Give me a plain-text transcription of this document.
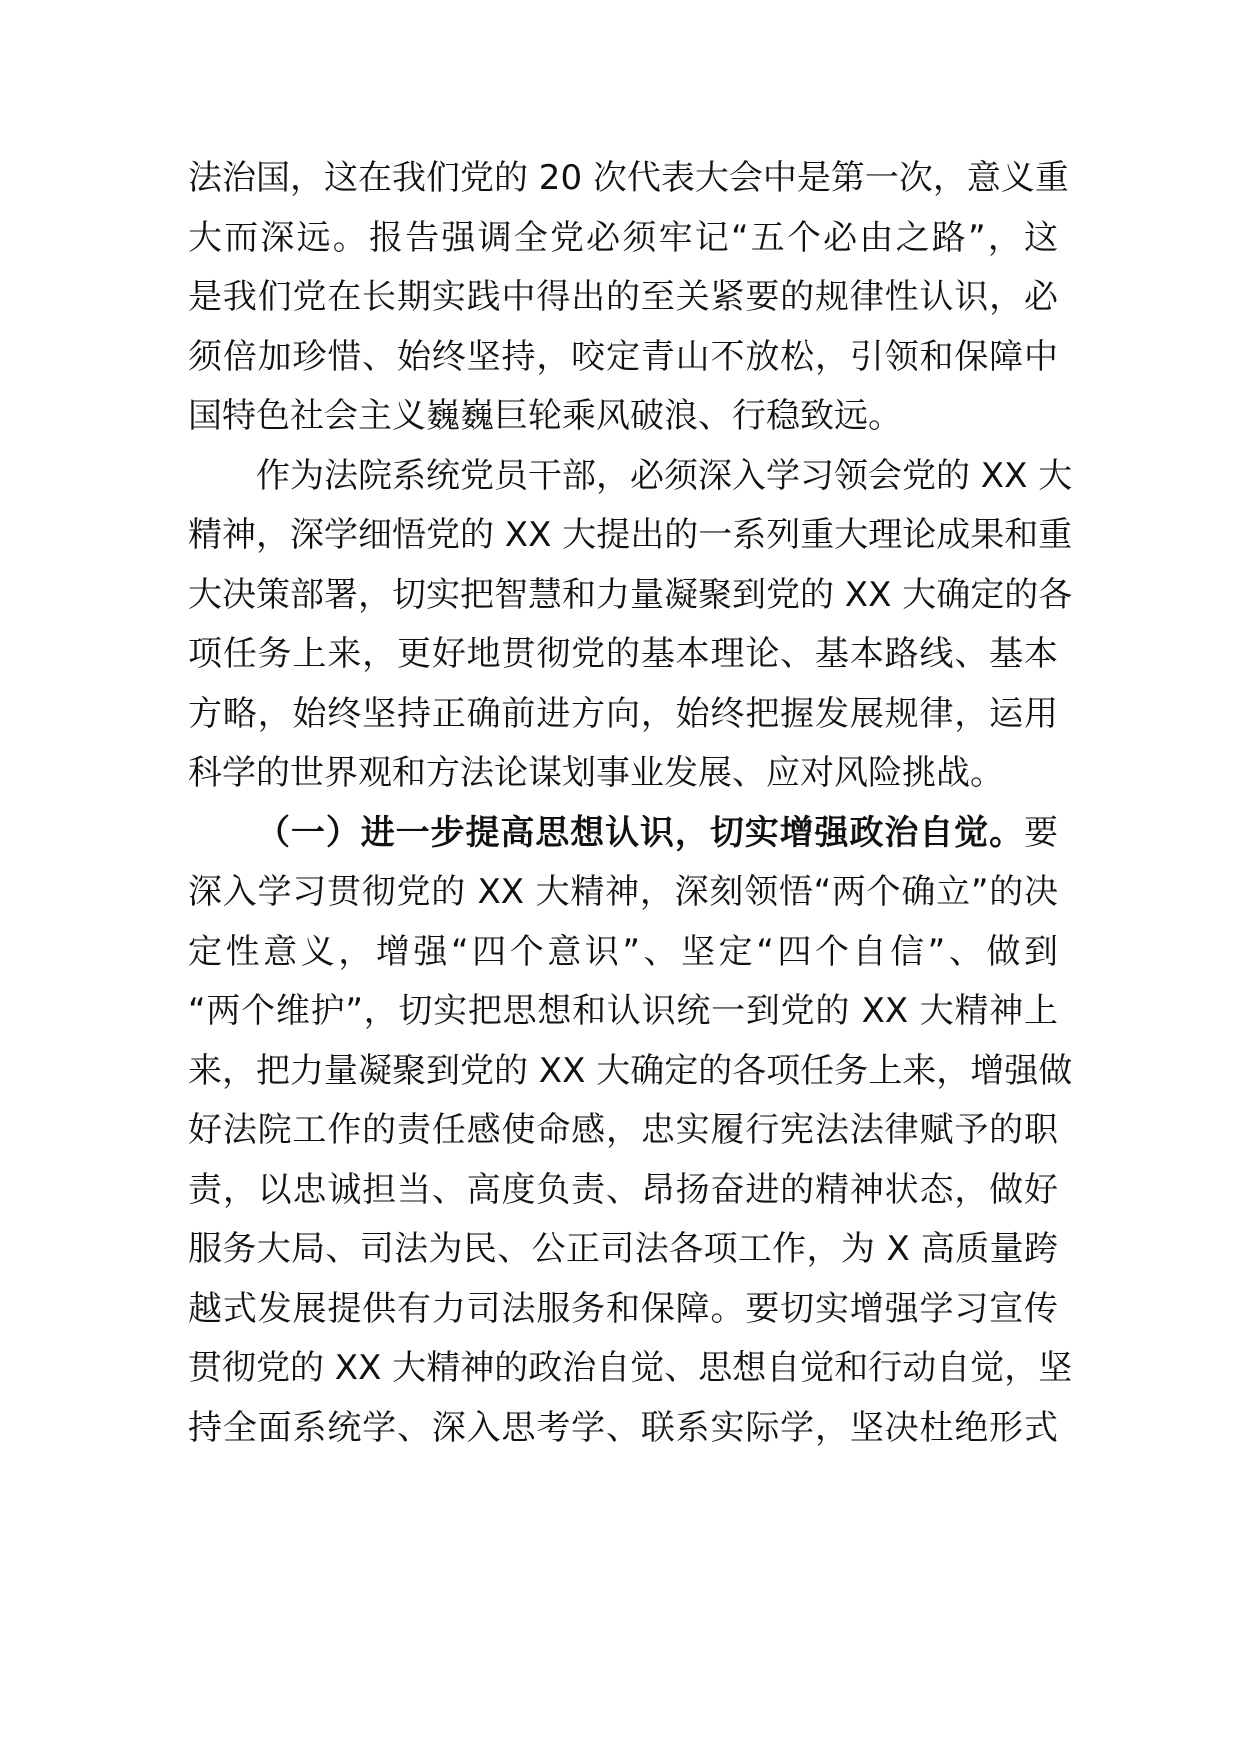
法治国，这在我们党的 20 次代表大会中是第一次，意义重
大而深远。报告强调全党必须牢记“五个必由之路”，这
是我们党在长期实践中得出的至关紧要的规律性认识，必
须倍加珍惜、始终坚持，咬定青山不放松，引领和保障中
国特色社会主义巍巍巨轮乘风破浪、行稳致远。
作为法院系统党员干部，必须深入学习领会党的 XX 大
精神，深学细悟党的 XX 大提出的一系列重大理论成果和重
大决策部署，切实把智慧和力量凝聚到党的 XX 大确定的各
项任务上来，更好地贯彻党的基本理论、基本路线、基本
方略，始终坚持正确前进方向，始终把握发展规律，运用
科学的世界观和方法论谋划事业发展、应对风险挑战。
（一）进一步提高思想认识，切实增强政治自觉。要
深入学习贯彻党的 XX 大精神，深刻领悟“两个确立”的决
定性意义，增强“四个意识”、坚定“四个自信”、做到
“两个维护”，切实把思想和认识统一到党的 XX 大精神上
来，把力量凝聚到党的 XX 大确定的各项任务上来，增强做
好法院工作的责任感使命感，忠实履行宪法法律赋予的职
责，以忠诚担当、高度负责、昂扬奋进的精神状态，做好
服务大局、司法为民、公正司法各项工作，为 X 高质量跨
越式发展提供有力司法服务和保障。要切实增强学习宣传
贯彻党的 XX 大精神的政治自觉、思想自觉和行动自觉，坚
持全面系统学、深入思考学、联系实际学，坚决杜绝形式
